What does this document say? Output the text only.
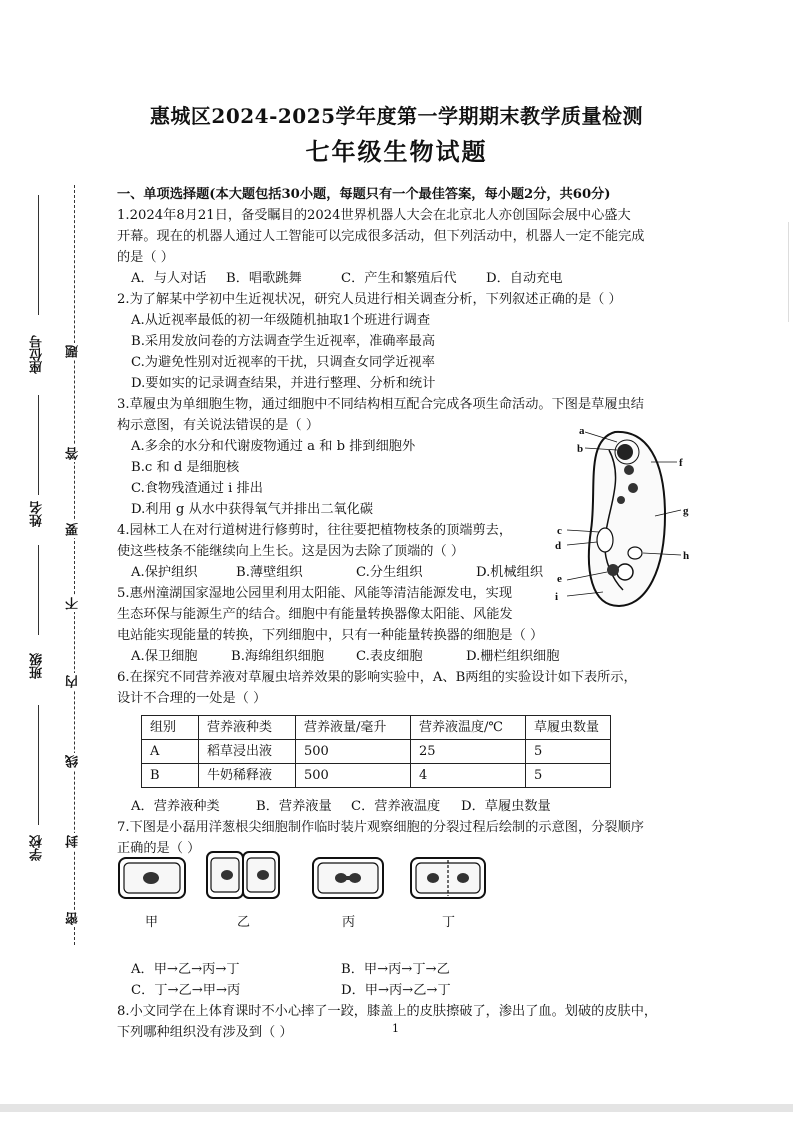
惠城区2024-2025学年度第一学期期末教学质量检测
七年级生物试题
座位号
姓名
班级
学校
题
答
要
不
内
线
封
密
一、单项选择题(本大题包括30小题，每题只有一个最佳答案，每小题2分，共60分)
1.2024年8月21日，备受瞩目的2024世界机器人大会在北京北人亦创国际会展中心盛大
开幕。现在的机器人通过人工智能可以完成很多活动，但下列活动中，机器人一定不能完成
的是（ ）
A．与人对话	B．唱歌跳舞	C．产生和繁殖后代	D．自动充电
2.为了解某中学初中生近视状况，研究人员进行相关调查分析，下列叙述正确的是（ ）
A.从近视率最低的初一年级随机抽取1个班进行调查
B.采用发放问卷的方法调查学生近视率，准确率最高
C.为避免性别对近视率的干扰，只调查女同学近视率
D.要如实的记录调查结果，并进行整理、分析和统计
3.草履虫为单细胞生物，通过细胞中不同结构相互配合完成各项生命活动。下图是草履虫结
构示意图，有关说法错误的是（ ）
A.多余的水分和代谢废物通过 a 和 b 排到细胞外
B.c 和 d 是细胞核
C.食物残渣通过 i 排出
D.利用 g 从水中获得氧气并排出二氧化碳
4.园林工人在对行道树进行修剪时，往往要把植物枝条的顶端剪去，
使这些枝条不能继续向上生长。这是因为去除了顶端的（ ）
A.保护组织	B.薄壁组织	C.分生组织	D.机械组织
5.惠州潼湖国家湿地公园里利用太阳能、风能等清洁能源发电，实现
生态环保与能源生产的结合。细胞中有能量转换器像太阳能、风能发
电站能实现能量的转换，下列细胞中，只有一种能量转换器的细胞是（ ）
A.保卫细胞	B.海绵组织细胞	C.表皮细胞	D.栅栏组织细胞
6.在探究不同营养液对草履虫培养效果的影响实验中，A、B两组的实验设计如下表所示，
设计不合理的一处是（ ）
组别	营养液种类	营养液量/毫升	营养液温度/℃	草履虫数量
A	稻草浸出液	500	25	5
B	牛奶稀释液	500	4	5
A．营养液种类	B．营养液量	C．营养液温度	D．草履虫数量
7.下图是小磊用洋葱根尖细胞制作临时装片观察细胞的分裂过程后绘制的示意图，分裂顺序
正确的是（ ）
A．甲→乙→丙→丁	B．甲→丙→丁→乙
C．丁→乙→甲→丙	D．甲→丙→乙→丁
8.小文同学在上体育课时不小心摔了一跤，膝盖上的皮肤擦破了，渗出了血。划破的皮肤中，
下列哪种组织没有涉及到（ ）
a
b
f
g
c
d
h
e
i
甲	乙	丙	丁
1
